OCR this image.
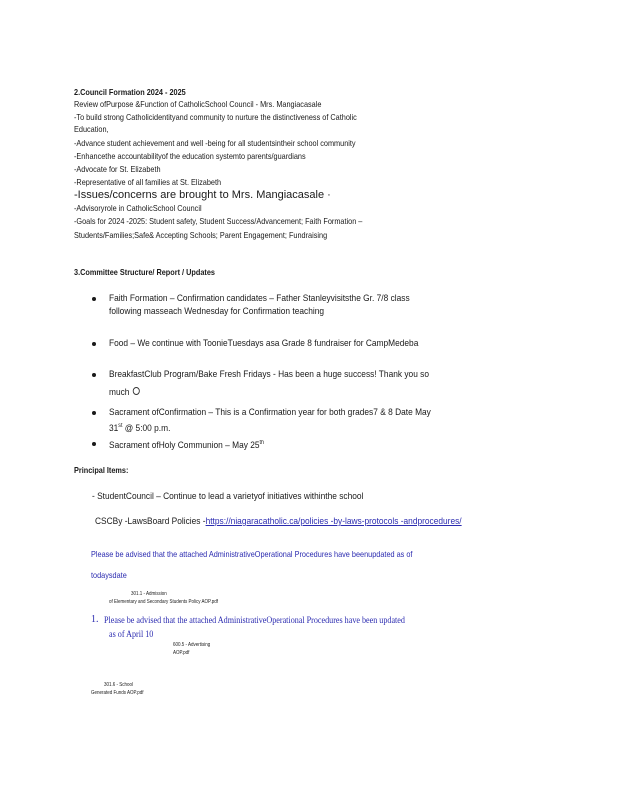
2.Council Formation 2024 - 2025
Review ofPurpose &Function of CatholicSchool Council - Mrs. Mangiacasale
-To build strong Catholicidentityand community to nurture the distinctiveness of Catholic
Education,
-Advance student achievement and well -being for all studentsintheir school community
-Enhancethe accountabilityof the education systemto parents/guardians
-Advocate for St. Elizabeth
-Representative of all families at St. Elizabeth
-Issues/concerns are brought to Mrs. Mangiacasale ·
-Advisoryrole in CatholicSchool Council
-Goals for 2024 -2025: Student safety, Student Success/Advancement; Faith Formation –
Students/Families;Safe& Accepting Schools; Parent Engagement; Fundraising
3.Committee Structure/ Report / Updates
Faith Formation – Confirmation candidates – Father Stanleyvisitsthe Gr. 7/8 class
following masseach Wednesday for Confirmation teaching
Food – We continue with ToonieTuesdays asa Grade 8 fundraiser for CampMedeba
BreakfastClub Program/Bake Fresh Fridays - Has been a huge success! Thank you so
much
Sacrament ofConfirmation – This is a Confirmation year for both grades7 & 8 Date May
31st @ 5:00 p.m.
Sacrament ofHoly Communion – May 25th
Principal Items:
- StudentCouncil – Continue to lead a varietyof initiatives withinthe school
CSCBy -LawsBoard Policies -https://niagaracatholic.ca/policies -by-laws-protocols -andprocedures/
Please be advised that the attached AdministrativeOperational Procedures have beenupdated as of
todaysdate
301.1 - Admission
of Elementary and Secondary Students Policy AOP.pdf
1. Please be advised that the attached AdministrativeOperational Procedures have been updated
as of April 10
600.5 - Advertising
AOP.pdf
301.6 - School
Generated Funds AOP.pdf
